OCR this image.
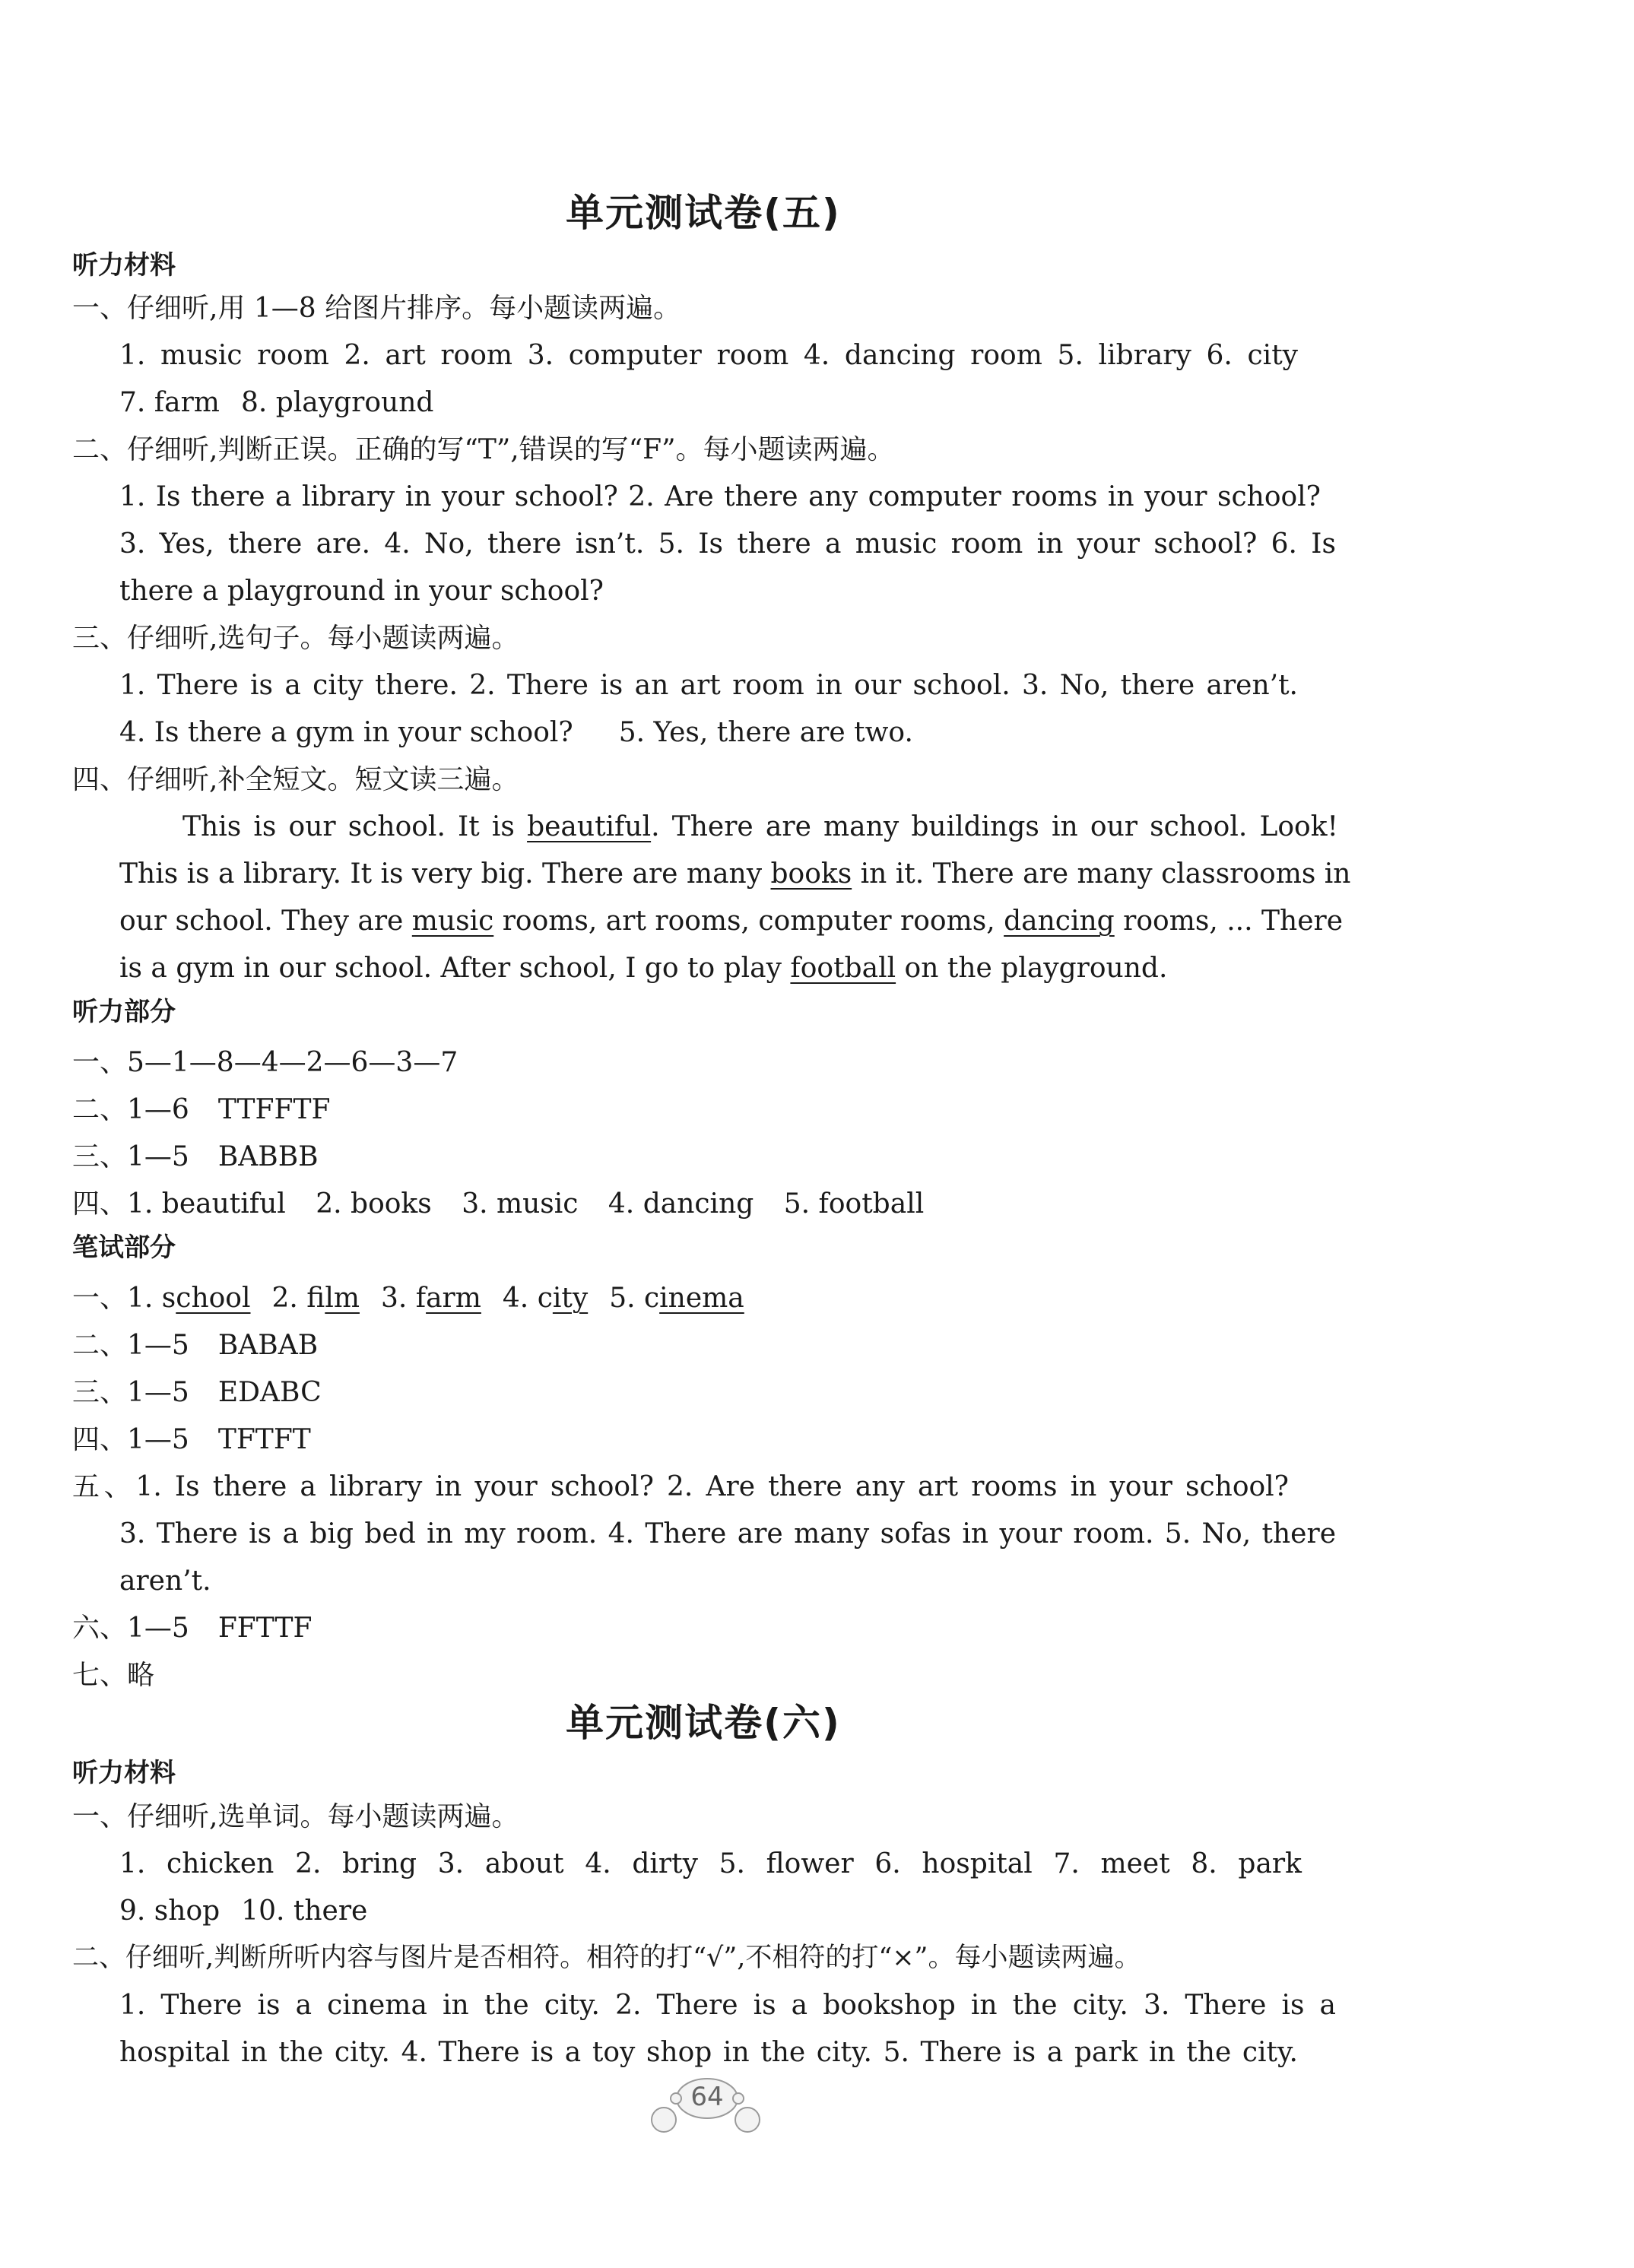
单元测试卷(五)
听力材料
一、仔细听,用 1—8 给图片排序。每小题读两遍。
1. music room 2. art room 3. computer room 4. dancing room 5. library 6. city
7. farm 8. playground
二、仔细听,判断正误。正确的写“T”,错误的写“F”。每小题读两遍。
1. Is there a library in your school? 2. Are there any computer rooms in your school?
3. Yes, there are. 4. No, there isn’t. 5. Is there a music room in your school? 6. Is
there a playground in your school?
三、仔细听,选句子。每小题读两遍。
1. There is a city there. 2. There is an art room in our school. 3. No, there aren’t.
4. Is there a gym in your school? 5. Yes, there are two.
四、仔细听,补全短文。短文读三遍。
This is our school. It is beautiful. There are many buildings in our school. Look!
This is a library. It is very big. There are many books in it. There are many classrooms in
our school. They are music rooms, art rooms, computer rooms, dancing rooms, ... There
is a gym in our school. After school, I go to play football on the playground.
听力部分
一、5—1—8—4—2—6—3—7
二、1—6 TTFFTF
三、1—5 BABBB
四、1. beautiful 2. books 3. music 4. dancing 5. football
笔试部分
一、1. school 2. film 3. farm 4. city 5. cinema
二、1—5 BABAB
三、1—5 EDABC
四、1—5 TFTFT
五、1. Is there a library in your school? 2. Are there any art rooms in your school?
3. There is a big bed in my room. 4. There are many sofas in your room. 5. No, there
aren’t.
六、1—5 FFTTF
七、略
单元测试卷(六)
听力材料
一、仔细听,选单词。每小题读两遍。
1. chicken 2. bring 3. about 4. dirty 5. flower 6. hospital 7. meet 8. park
9. shop 10. there
二、仔细听,判断所听内容与图片是否相符。相符的打“√”,不相符的打“×”。每小题读两遍。
1. There is a cinema in the city. 2. There is a bookshop in the city. 3. There is a
hospital in the city. 4. There is a toy shop in the city. 5. There is a park in the city.
64
